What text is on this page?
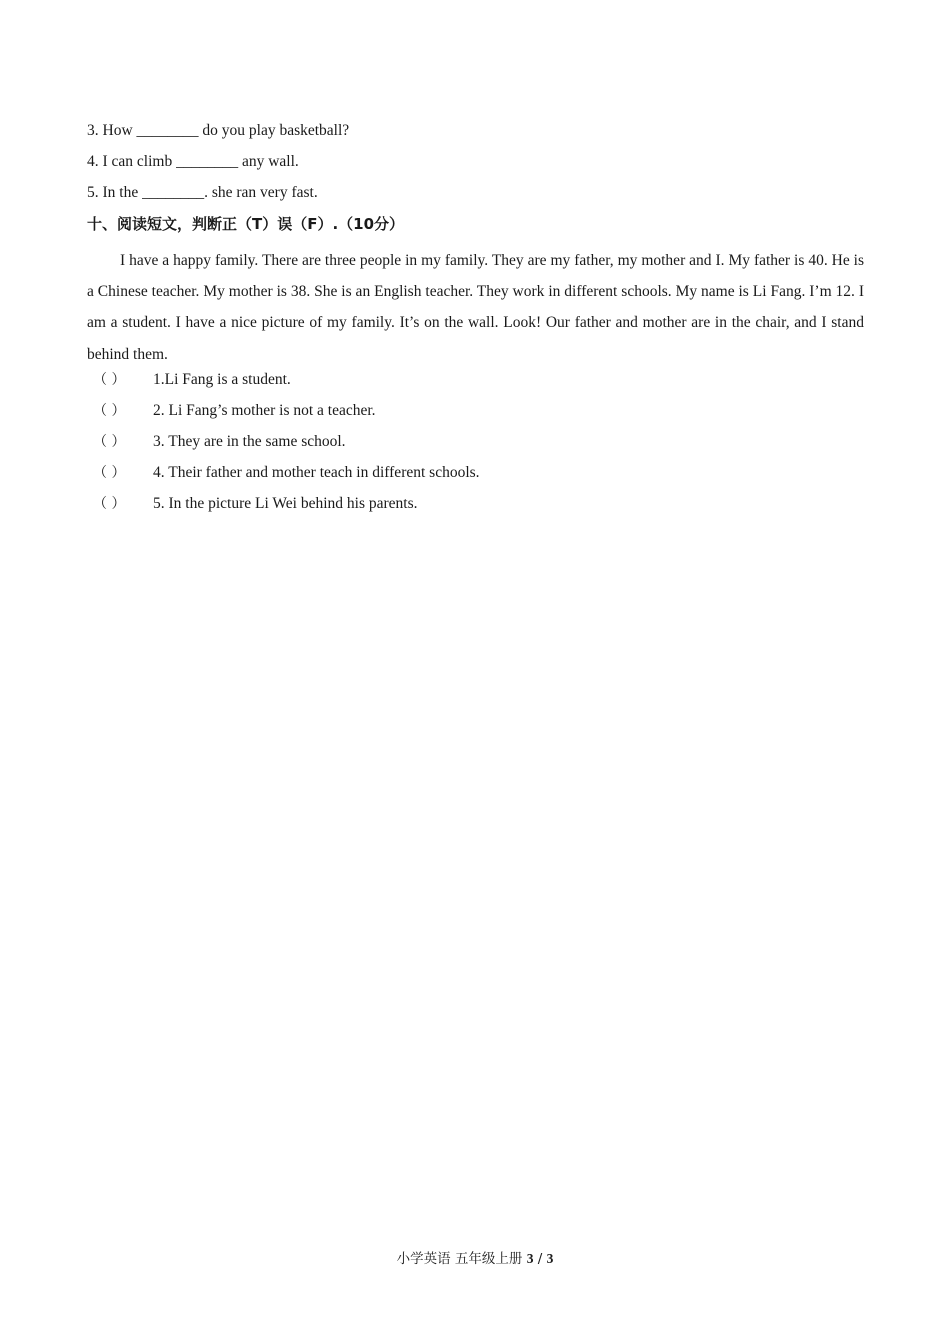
3. How ________ do you play basketball?
4. I can climb ________ any wall.
5. In the ________. she ran very fast.
十、阅读短文，判断正（T）误（F）.（10分）
I have a happy family. There are three people in my family. They are my father, my mother and I. My father is 40. He is a Chinese teacher. My mother is 38. She is an English teacher. They work in different schools. My name is Li Fang. I’m 12. I am a student. I have a nice picture of my family. It’s on the wall. Look! Our father and mother are in the chair, and I stand behind them.
（ ） 1.Li Fang is a student.
（ ） 2. Li Fang’s mother is not a teacher.
（ ） 3. They are in the same school.
（ ） 4. Their father and mother teach in different schools.
（ ） 5. In the picture Li Wei behind his parents.
小学英语 五年级上册 3 / 3
